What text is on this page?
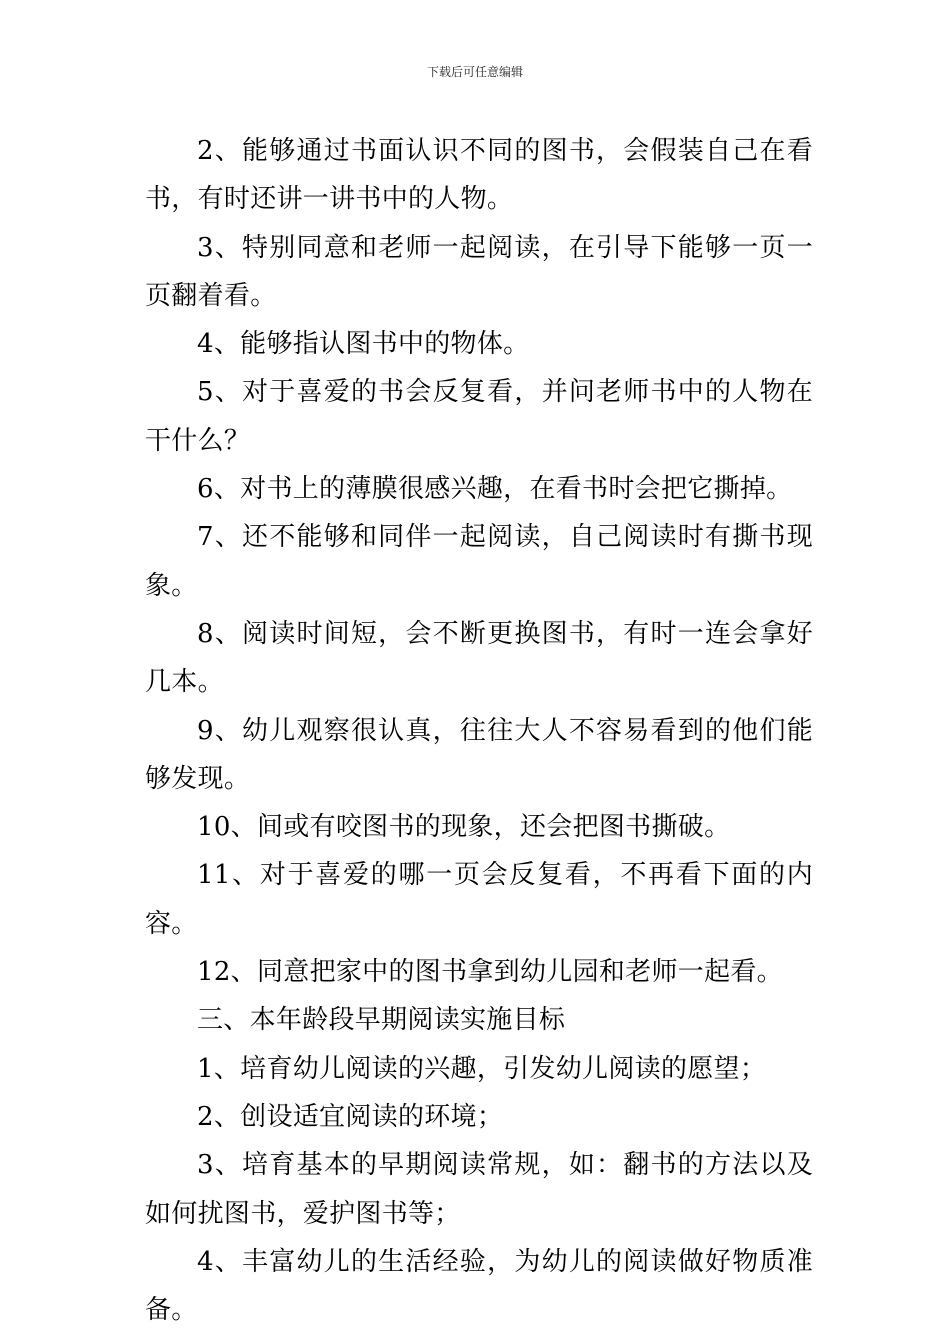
下载后可任意编辑

2、能够通过书面认识不同的图书，会假装自己在看书，有时还讲一讲书中的人物。

3、特别同意和老师一起阅读，在引导下能够一页一页翻着看。

4、能够指认图书中的物体。

5、对于喜爱的书会反复看，并问老师书中的人物在干什么？

6、对书上的薄膜很感兴趣，在看书时会把它撕掉。

7、还不能够和同伴一起阅读，自己阅读时有撕书现象。

8、阅读时间短，会不断更换图书，有时一连会拿好几本。

9、幼儿观察很认真，往往大人不容易看到的他们能够发现。

10、间或有咬图书的现象，还会把图书撕破。

11、对于喜爱的哪一页会反复看，不再看下面的内容。

12、同意把家中的图书拿到幼儿园和老师一起看。

三、本年龄段早期阅读实施目标

1、培育幼儿阅读的兴趣，引发幼儿阅读的愿望；

2、创设适宜阅读的环境；

3、培育基本的早期阅读常规，如：翻书的方法以及如何扰图书，爱护图书等；

4、丰富幼儿的生活经验，为幼儿的阅读做好物质准备。
